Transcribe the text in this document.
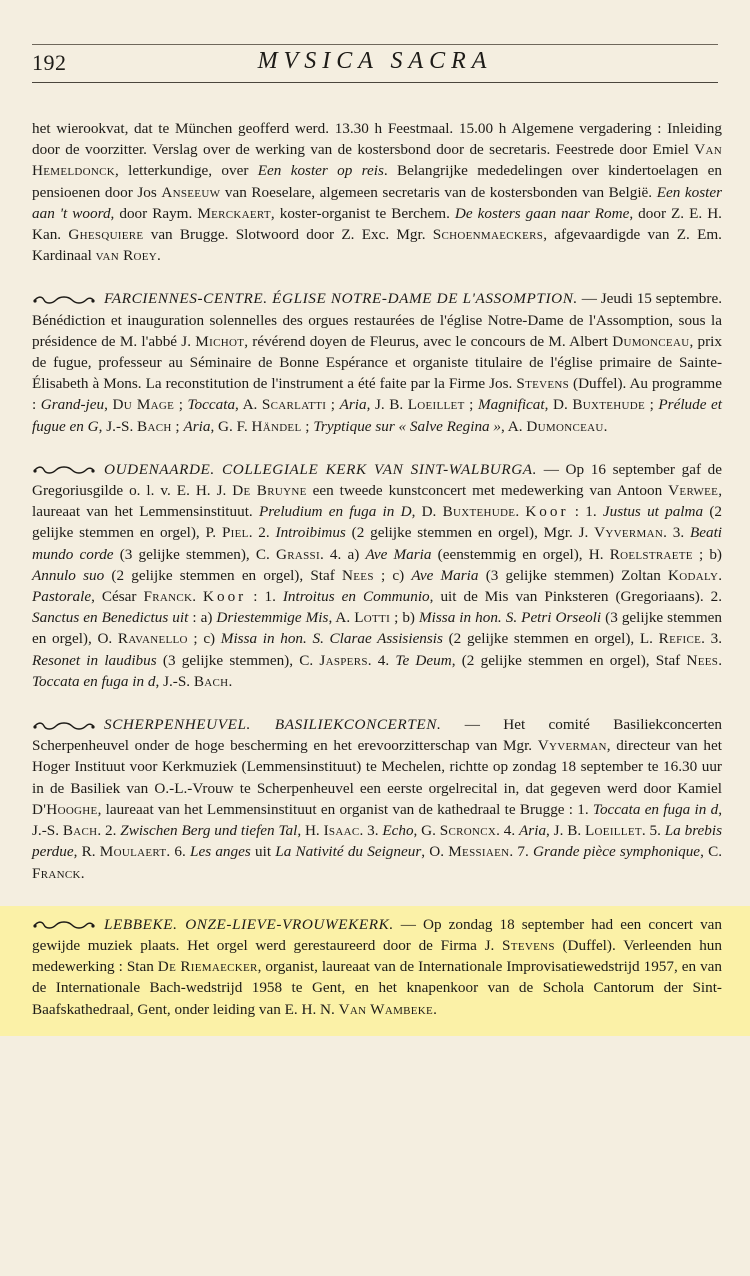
192	MVSICA SACRA

het wierookvat, dat te München geofferd werd. 13.30 h Feestmaal. 15.00 h Algemene vergadering : Inleiding door de voorzitter. Verslag over de werking van de kostersbond door de secretaris. Feestrede door Emiel Van Hemeldonck, letterkundige, over Een koster op reis. Belangrijke mededelingen over kindertoelagen en pensioenen door Jos Anseeuw van Roeselare, algemeen secretaris van de kostersbonden van België. Een koster aan 't woord, door Raym. Merckaert, koster-organist te Berchem. De kosters gaan naar Rome, door Z. E. H. Kan. Ghesquiere van Brugge. Slotwoord door Z. Exc. Mgr. Schoenmaeckers, afgevaardigde van Z. Em. Kardinaal van Roey.

FARCIENNES-CENTRE. ÉGLISE NOTRE-DAME DE L'ASSOMPTION. — Jeudi 15 septembre. Bénédiction et inauguration solennelles des orgues restaurées de l'église Notre-Dame de l'Assomption, sous la présidence de M. l'abbé J. Michot, révérend doyen de Fleurus, avec le concours de M. Albert Dumonceau, prix de fugue, professeur au Séminaire de Bonne Espérance et organiste titulaire de l'église primaire de Sainte-Élisabeth à Mons. La reconstitution de l'instrument a été faite par la Firme Jos. Stevens (Duffel). Au programme : Grand-jeu, Du Mage ; Toccata, A. Scarlatti ; Aria, J. B. Loeillet ; Magnificat, D. Buxtehude ; Prélude et fugue en G, J.-S. Bach ; Aria, G. F. Händel ; Tryptique sur « Salve Regina », A. Dumonceau.

OUDENAARDE. COLLEGIALE KERK VAN SINT-WALBURGA. — Op 16 september gaf de Gregoriusgilde o. l. v. E. H. J. De Bruyne een tweede kunstconcert met medewerking van Antoon Verwee, laureaat van het Lemmensinstituut. Preludium en fuga in D, D. Buxtehude. Koor : 1. Justus ut palma (2 gelijke stemmen en orgel), P. Piel. 2. Introibimus (2 gelijke stemmen en orgel), Mgr. J. Vyverman. 3. Beati mundo corde (3 gelijke stemmen), C. Grassi. 4. a) Ave Maria (eenstemmig en orgel), H. Roelstraete ; b) Annulo suo (2 gelijke stemmen en orgel), Staf Nees ; c) Ave Maria (3 gelijke stemmen) Zoltan Kodaly. Pastorale, César Franck. Koor : 1. Introitus en Communio, uit de Mis van Pinksteren (Gregoriaans). 2. Sanctus en Benedictus uit : a) Driestemmige Mis, A. Lotti ; b) Missa in hon. S. Petri Orseoli (3 gelijke stemmen en orgel), O. Ravanello ; c) Missa in hon. S. Clarae Assisiensis (2 gelijke stemmen en orgel), L. Refice. 3. Resonet in laudibus (3 gelijke stemmen), C. Jaspers. 4. Te Deum, (2 gelijke stemmen en orgel), Staf Nees. Toccata en fuga in d, J.-S. Bach.

SCHERPENHEUVEL. BASILIEKCONCERTEN. — Het comité Basiliekconcerten Scherpenheuvel onder de hoge bescherming en het erevoorzitterschap van Mgr. Vyverman, directeur van het Hoger Instituut voor Kerkmuziek (Lemmensinstituut) te Mechelen, richtte op zondag 18 september te 16.30 uur in de Basiliek van O.-L.-Vrouw te Scherpenheuvel een eerste orgelrecital in, dat gegeven werd door Kamiel D'Hooghe, laureaat van het Lemmensinstituut en organist van de kathedraal te Brugge : 1. Toccata en fuga in d, J.-S. Bach. 2. Zwischen Berg und tiefen Tal, H. Isaac. 3. Echo, G. Scroncx. 4. Aria, J. B. Loeillet. 5. La brebis perdue, R. Moulaert. 6. Les anges uit La Nativité du Seigneur, O. Messiaen. 7. Grande pièce symphonique, C. Franck.

LEBBEKE. ONZE-LIEVE-VROUWEKERK. — Op zondag 18 september had een concert van gewijde muziek plaats. Het orgel werd gerestaureerd door de Firma J. Stevens (Duffel). Verleenden hun medewerking : Stan De Riemaecker, organist, laureaat van de Internationale Improvisatiewedstrijd 1957, en van de Internationale Bach-wedstrijd 1958 te Gent, en het knapenkoor van de Schola Cantorum der Sint-Baafskathedraal, Gent, onder leiding van E. H. N. Van Wambeke.
